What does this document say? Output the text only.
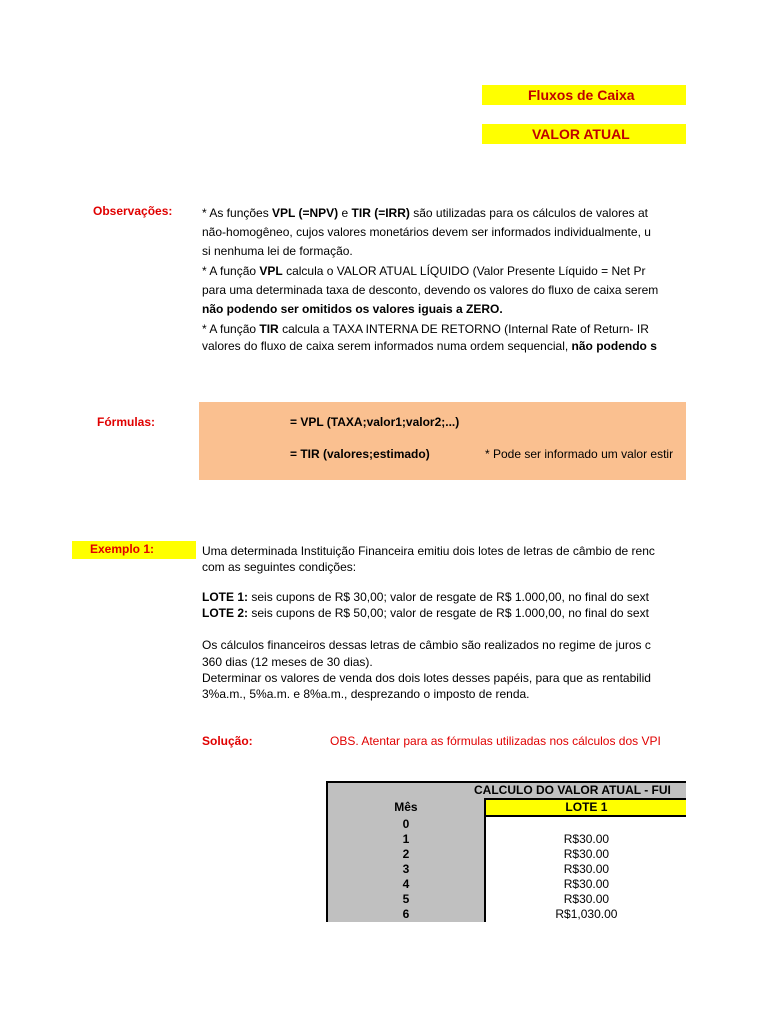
Fluxos de Caixa
VALOR ATUAL
Observações: * As funções VPL (=NPV) e TIR (=IRR) são utilizadas para os cálculos de valores at
não-homogêneo, cujos valores monetários devem ser informados individualmente, u
si nenhuma lei de formação.
* A função VPL calcula o VALOR ATUAL LÍQUIDO (Valor Presente Líquido = Net Pr
para uma determinada taxa de desconto, devendo os valores do fluxo de caixa serem
não podendo ser omitidos os valores iguais a ZERO.
* A função TIR calcula a TAXA INTERNA DE RETORNO (Internal Rate of Return- IR
valores do fluxo de caixa serem informados numa ordem sequencial, não podendo s
Fórmulas:	= VPL (TAXA;valor1;valor2;...)
= TIR (valores;estimado)	* Pode ser informado um valor estir
Exemplo 1:	Uma determinada Instituição Financeira emitiu dois lotes de letras de câmbio de renc
com as seguintes condições:
LOTE 1: seis cupons de R$ 30,00; valor de resgate de R$ 1.000,00, no final do sext
LOTE 2: seis cupons de R$ 50,00; valor de resgate de R$ 1.000,00, no final do sext
Os cálculos financeiros dessas letras de câmbio são realizados no regime de juros c
360 dias (12 meses de 30 dias).
Determinar os valores de venda dos dois lotes desses papéis, para que as rentabilid
3%a.m., 5%a.m. e 8%a.m., desprezando o imposto de renda.
Solução:	OBS. Atentar para as fórmulas utilizadas nos cálculos dos VPI
CALCULO DO VALOR ATUAL - FUI	
Mês	LOTE 1
0	
1	R$30.00
2	R$30.00
3	R$30.00
4	R$30.00
5	R$30.00
6	R$1,030.00
